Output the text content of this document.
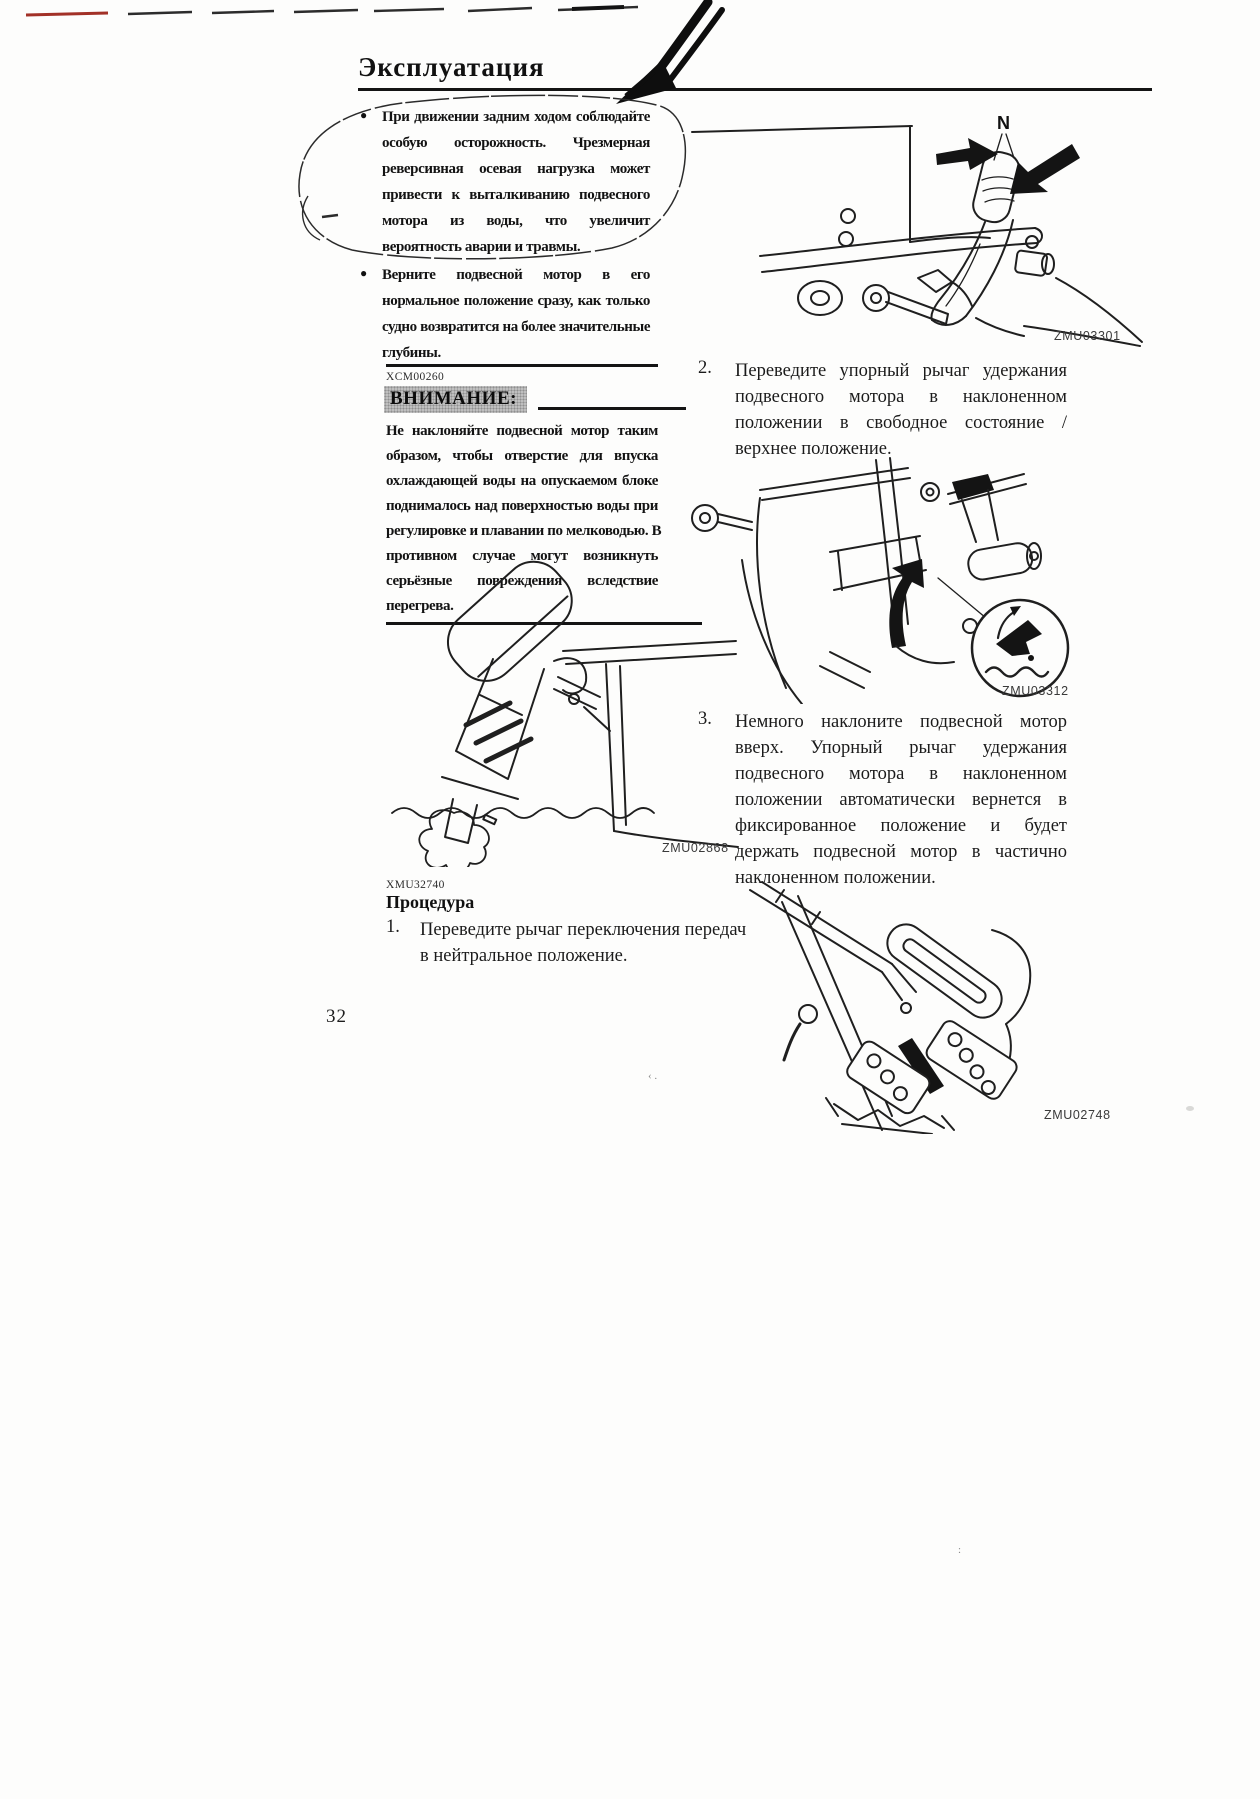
Эксплуатация
● При движении задним ходом соблюдайте
особую осторожность. Чрезмерная
реверсивная осевая нагрузка может
привести к выталкиванию подвесного
мотора из воды, что увеличит
вероятность аварии и травмы.
● Верните подвесной мотор в его
нормальное положение сразу, как только
судно возвратится на более значительные
глубины.
XCM00260
ВНИМАНИЕ:
Не наклоняйте подвесной мотор таким
образом, чтобы отверстие для впуска
охлаждающей воды на опускаемом блоке
поднималось над поверхностью воды при
регулировке и плавании по мелководью. В
противном случае могут возникнуть
серьёзные повреждения вследствие
перегрева.
ZMU02868
XMU32740
Процедура
1. Переведите рычаг переключения передач
в нейтральное положение.
32
N
ZMU03301
2. Переведите упорный рычаг удержания
подвесного мотора в наклоненном
положении в свободное состояние /
верхнее положение.
ZMU03312
3. Немного наклоните подвесной мотор
вверх. Упорный рычаг удержания
подвесного мотора в наклоненном
положении автоматически вернется в
фиксированное положение и будет
держать подвесной мотор в частично
наклоненном положении.
ZMU02748
‹ .
:
